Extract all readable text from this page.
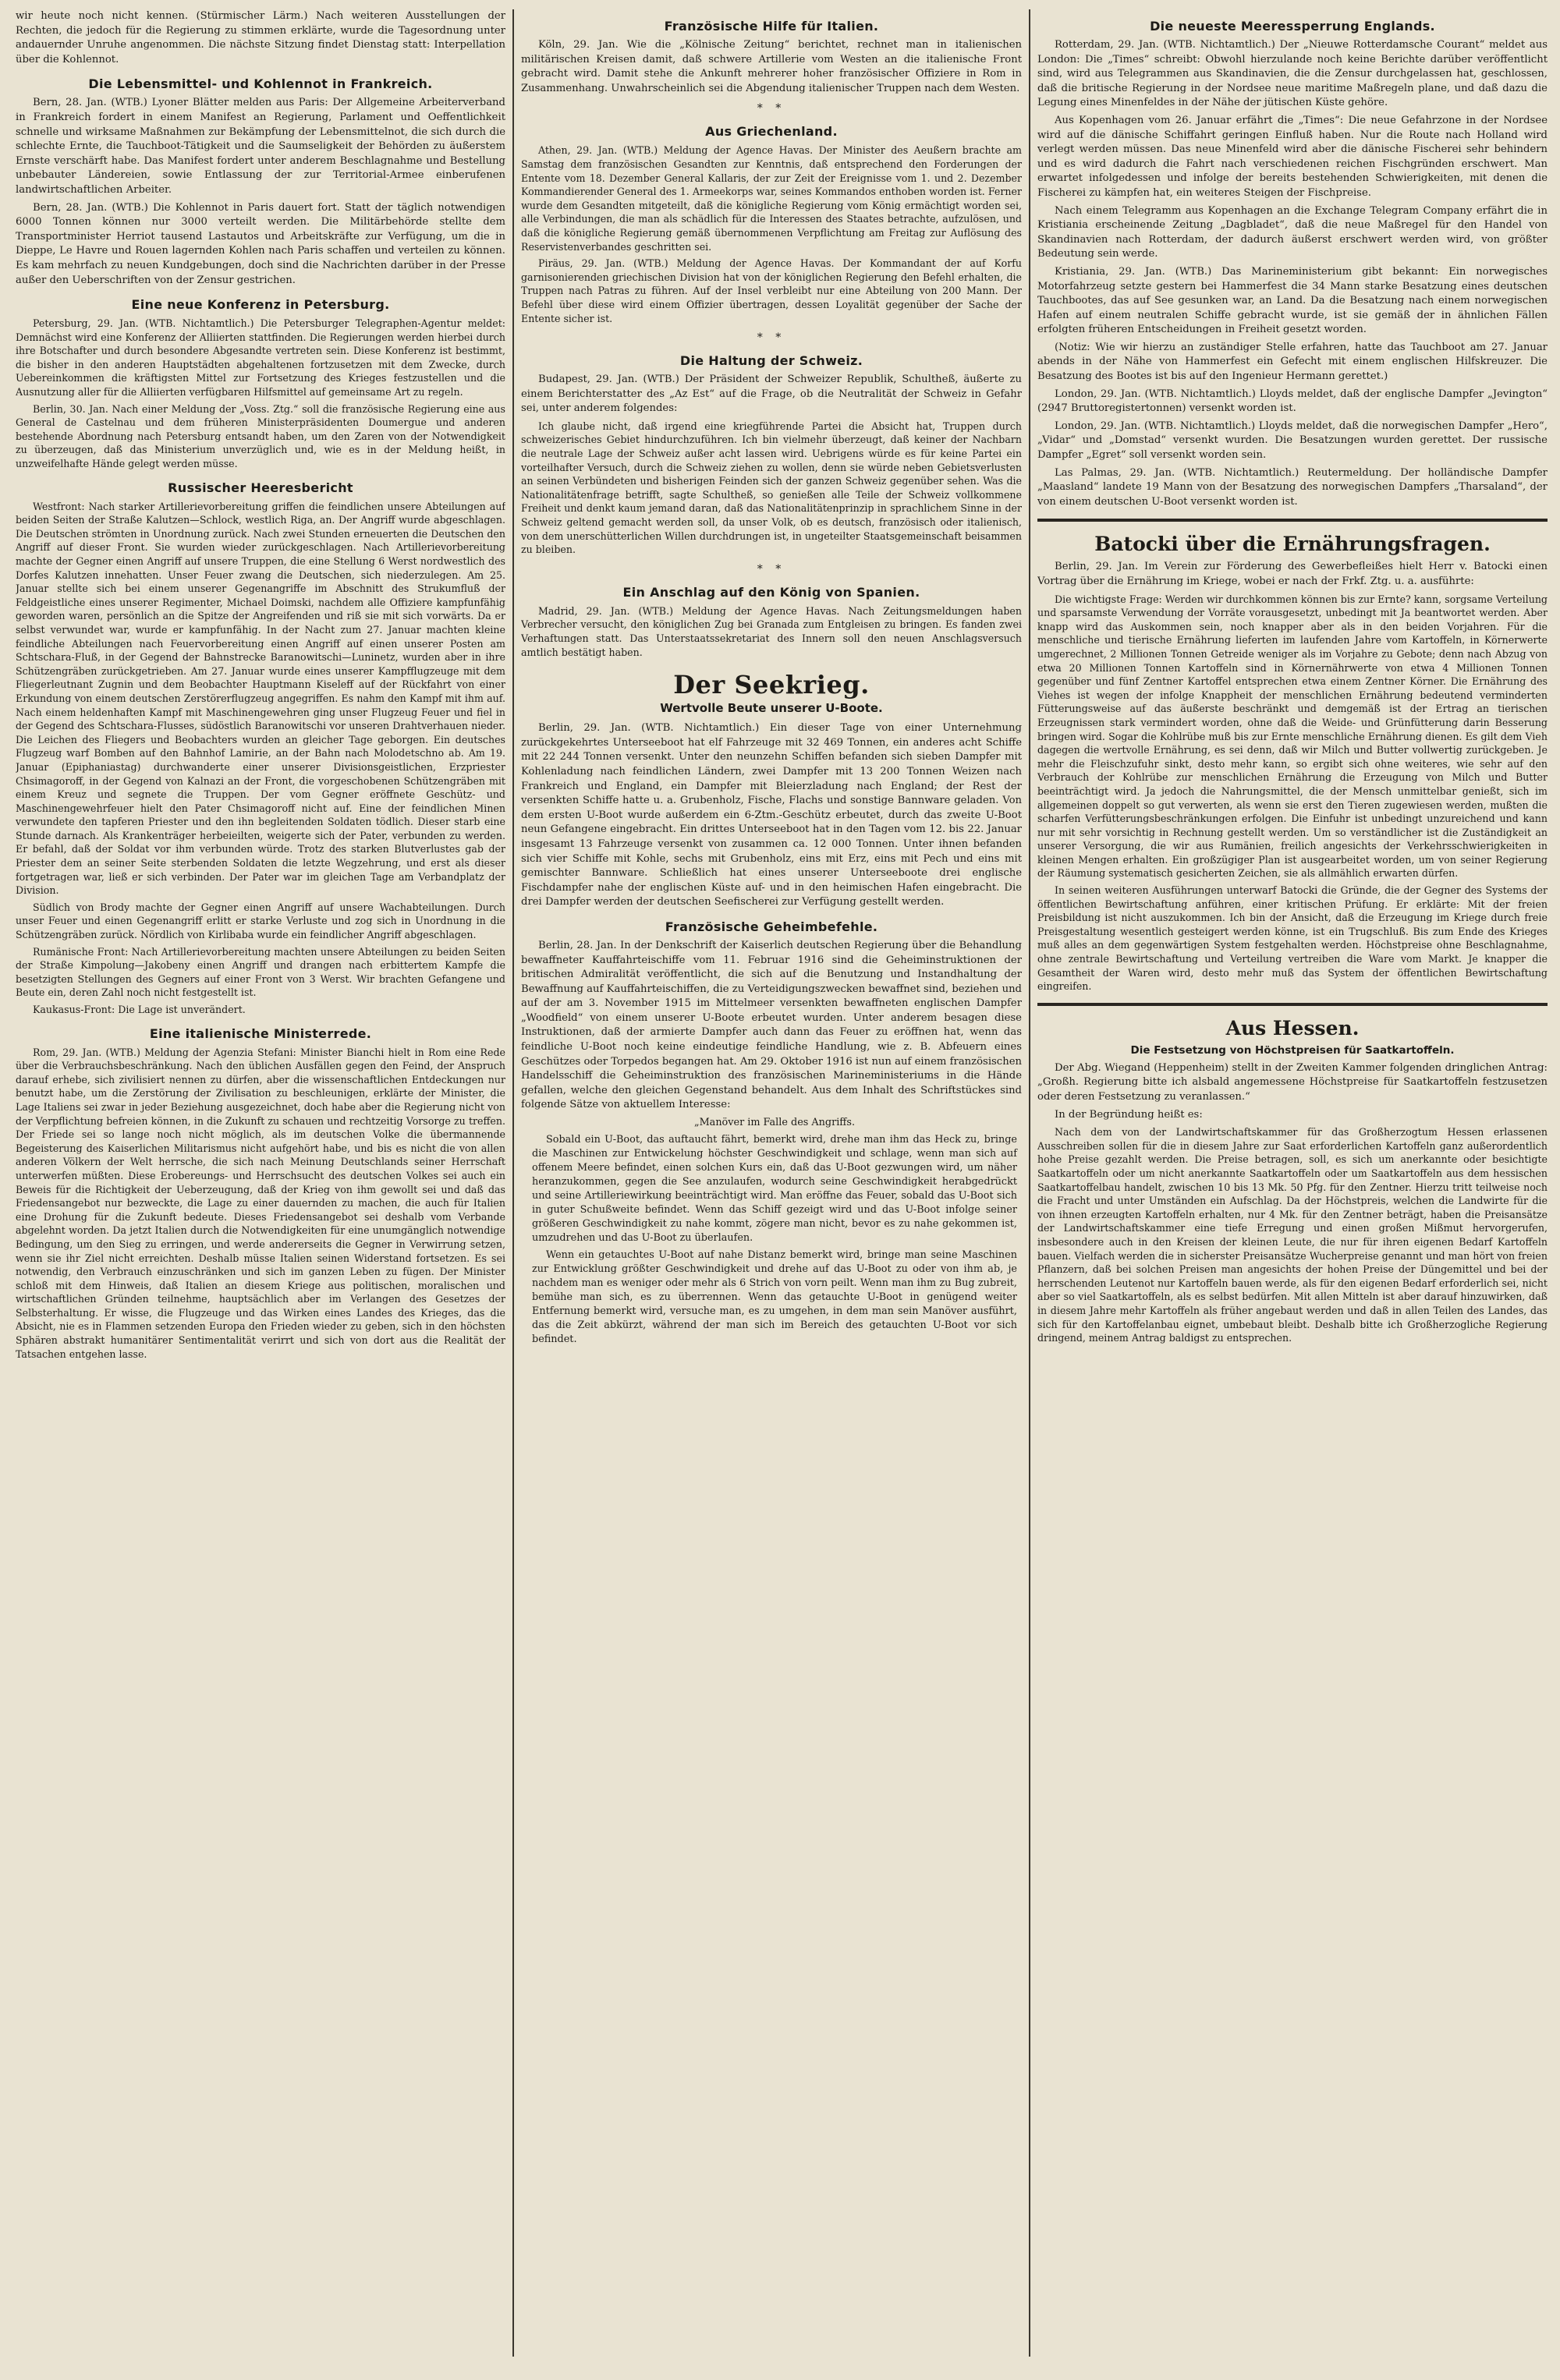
wir heute noch nicht kennen. (Stürmischer Lärm.) Nach weiteren Ausstellungen der Rechten, die jedoch für die Regierung zu stimmen erklärte, wurde die Tagesordnung unter andauernder Unruhe angenommen. Die nächste Sitzung findet Dienstag statt: Interpellation über die Kohlennot.

Die Lebensmittel- und Kohlennot in Frankreich.

Bern, 28. Jan. (WTB.) Lyoner Blätter melden aus Paris: Der Allgemeine Arbeiterverband in Frankreich fordert in einem Manifest an Regierung, Parlament und Oeffentlichkeit schnelle und wirksame Maßnahmen zur Bekämpfung der Lebensmittelnot, die sich durch die schlechte Ernte, die Tauchboot-Tätigkeit und die Saumseligkeit der Behörden zu äußerstem Ernste verschärft habe. Das Manifest fordert unter anderem Beschlagnahme und Bestellung unbebauter Ländereien, sowie Entlassung der zur Territorial-Armee einberufenen landwirtschaftlichen Arbeiter.

Bern, 28. Jan. (WTB.) Die Kohlennot in Paris dauert fort. Statt der täglich notwendigen 6000 Tonnen können nur 3000 verteilt werden. Die Militärbehörde stellte dem Transportminister Herriot tausend Lastautos und Arbeitskräfte zur Verfügung, um die in Dieppe, Le Havre und Rouen lagernden Kohlen nach Paris schaffen und verteilen zu können. Es kam mehrfach zu neuen Kundgebungen, doch sind die Nachrichten darüber in der Presse außer den Ueberschriften von der Zensur gestrichen.

Eine neue Konferenz in Petersburg.

Petersburg, 29. Jan. (WTB. Nichtamtlich.) Die Petersburger Telegraphen-Agentur meldet: Demnächst wird eine Konferenz der Alliierten stattfinden. Die Regierungen werden hierbei durch ihre Botschafter und durch besondere Abgesandte vertreten sein. Diese Konferenz ist bestimmt, die bisher in den anderen Hauptstädten abgehaltenen fortzusetzen mit dem Zwecke, durch Uebereinkommen die kräftigsten Mittel zur Fortsetzung des Krieges festzustellen und die Ausnutzung aller für die Alliierten verfügbaren Hilfsmittel auf gemeinsame Art zu regeln.

Berlin, 30. Jan. Nach einer Meldung der „Voss. Ztg.“ soll die französische Regierung eine aus General de Castelnau und dem früheren Ministerpräsidenten Doumergue und anderen bestehende Abordnung nach Petersburg entsandt haben, um den Zaren von der Notwendigkeit zu überzeugen, daß das Ministerium unverzüglich und, wie es in der Meldung heißt, in unzweifelhafte Hände gelegt werden müsse.

Russischer Heeresbericht

Westfront: Nach starker Artillerievorbereitung griffen die feindlichen unsere Abteilungen auf beiden Seiten der Straße Kalutzen—Schlock, westlich Riga, an. Der Angriff wurde abgeschlagen. Die Deutschen strömten in Unordnung zurück. Nach zwei Stunden erneuerten die Deutschen den Angriff auf dieser Front. Sie wurden wieder zurückgeschlagen. Nach Artillerievorbereitung machte der Gegner einen Angriff auf unsere Truppen, die eine Stellung 6 Werst nordwestlich des Dorfes Kalutzen innehatten. Unser Feuer zwang die Deutschen, sich niederzulegen. Am 25. Januar stellte sich bei einem unserer Gegenangriffe im Abschnitt des Strukumfluß der Feldgeistliche eines unserer Regimenter, Michael Doimski, nachdem alle Offiziere kampfunfähig geworden waren, persönlich an die Spitze der Angreifenden und riß sie mit sich vorwärts. Da er selbst verwundet war, wurde er kampfunfähig. In der Nacht zum 27. Januar machten kleine feindliche Abteilungen nach Feuervorbereitung einen Angriff auf einen unserer Posten am Schtschara-Fluß, in der Gegend der Bahnstrecke Baranowitschi—Luninetz, wurden aber in ihre Schützengräben zurückgetrieben. Am 27. Januar wurde eines unserer Kampfflugzeuge mit dem Fliegerleutnant Zugnin und dem Beobachter Hauptmann Kiseleff auf der Rückfahrt von einer Erkundung von einem deutschen Zerstörerflugzeug angegriffen. Es nahm den Kampf mit ihm auf. Nach einem heldenhaften Kampf mit Maschinengewehren ging unser Flugzeug Feuer und fiel in der Gegend des Schtschara-Flusses, südöstlich Baranowitschi vor unseren Drahtverhauen nieder. Die Leichen des Fliegers und Beobachters wurden an gleicher Tage geborgen. Ein deutsches Flugzeug warf Bomben auf den Bahnhof Lamirie, an der Bahn nach Molodetschno ab. Am 19. Januar (Epiphaniastag) durchwanderte einer unserer Divisionsgeistlichen, Erzpriester Chsimagoroff, in der Gegend von Kalnazi an der Front, die vorgeschobenen Schützengräben mit einem Kreuz und segnete die Truppen. Der vom Gegner eröffnete Geschütz- und Maschinengewehrfeuer hielt den Pater Chsimagoroff nicht auf. Eine der feindlichen Minen verwundete den tapferen Priester und den ihn begleitenden Soldaten tödlich. Dieser starb eine Stunde darnach. Als Krankenträger herbeieilten, weigerte sich der Pater, verbunden zu werden. Er befahl, daß der Soldat vor ihm verbunden würde. Trotz des starken Blutverlustes gab der Priester dem an seiner Seite sterbenden Soldaten die letzte Wegzehrung, und erst als dieser fortgetragen war, ließ er sich verbinden. Der Pater war im gleichen Tage am Verbandplatz der Division.

Südlich von Brody machte der Gegner einen Angriff auf unsere Wachabteilungen. Durch unser Feuer und einen Gegenangriff erlitt er starke Verluste und zog sich in Unordnung in die Schützengräben zurück. Nördlich von Kirlibaba wurde ein feindlicher Angriff abgeschlagen.

Rumänische Front: Nach Artillerievorbereitung machten unsere Abteilungen zu beiden Seiten der Straße Kimpolung—Jakobeny einen Angriff und drangen nach erbittertem Kampfe die besetzigten Stellungen des Gegners auf einer Front von 3 Werst. Wir brachten Gefangene und Beute ein, deren Zahl noch nicht festgestellt ist.

Kaukasus-Front: Die Lage ist unverändert.

Eine italienische Ministerrede.

Rom, 29. Jan. (WTB.) Meldung der Agenzia Stefani: Minister Bianchi hielt in Rom eine Rede über die Verbrauchsbeschränkung. Nach den üblichen Ausfällen gegen den Feind, der Anspruch darauf erhebe, sich zivilisiert nennen zu dürfen, aber die wissenschaftlichen Entdeckungen nur benutzt habe, um die Zerstörung der Zivilisation zu beschleunigen, erklärte der Minister, die Lage Italiens sei zwar in jeder Beziehung ausgezeichnet, doch habe aber die Regierung nicht von der Verpflichtung befreien können, in die Zukunft zu schauen und rechtzeitig Vorsorge zu treffen. Der Friede sei so lange noch nicht möglich, als im deutschen Volke die übermannende Begeisterung des Kaiserlichen Militarismus nicht aufgehört habe, und bis es nicht die von allen anderen Völkern der Welt herrsche, die sich nach Meinung Deutschlands seiner Herrschaft unterwerfen müßten. Diese Erobereungs- und Herrschsucht des deutschen Volkes sei auch ein Beweis für die Richtigkeit der Ueberzeugung, daß der Krieg von ihm gewollt sei und daß das Friedensangebot nur bezweckte, die Lage zu einer dauernden zu machen, die auch für Italien eine Drohung für die Zukunft bedeute. Dieses Friedensangebot sei deshalb vom Verbande abgelehnt worden. Da jetzt Italien durch die Notwendigkeiten für eine unumgänglich notwendige Bedingung, um den Sieg zu erringen, und werde andererseits die Gegner in Verwirrung setzen, wenn sie ihr Ziel nicht erreichten. Deshalb müsse Italien seinen Widerstand fortsetzen. Es sei notwendig, den Verbrauch einzuschränken und sich im ganzen Leben zu fügen. Der Minister schloß mit dem Hinweis, daß Italien an diesem Kriege aus politischen, moralischen und wirtschaftlichen Gründen teilnehme, hauptsächlich aber im Verlangen des Gesetzes der Selbsterhaltung. Er wisse, die Flugzeuge und das Wirken eines Landes des Krieges, das die Absicht, nie es in Flammen setzenden Europa den Frieden wieder zu geben, sich in den höchsten Sphären abstrakt humanitärer Sentimentalität verirrt und sich von dort aus die Realität der Tatsachen entgehen lasse.

Französische Hilfe für Italien.

Köln, 29. Jan. Wie die „Kölnische Zeitung“ berichtet, rechnet man in italienischen militärischen Kreisen damit, daß schwere Artillerie vom Westen an die italienische Front gebracht wird. Damit stehe die Ankunft mehrerer hoher französischer Offiziere in Rom in Zusammenhang. Unwahrscheinlich sei die Abgendung italienischer Truppen nach dem Westen.

* *
Aus Griechenland.

Athen, 29. Jan. (WTB.) Meldung der Agence Havas. Der Minister des Aeußern brachte am Samstag dem französischen Gesandten zur Kenntnis, daß entsprechend den Forderungen der Entente vom 18. Dezember General Kallaris, der zur Zeit der Ereignisse vom 1. und 2. Dezember Kommandierender General des 1. Armeekorps war, seines Kommandos enthoben worden ist. Ferner wurde dem Gesandten mitgeteilt, daß die königliche Regierung vom König ermächtigt worden sei, alle Verbindungen, die man als schädlich für die Interessen des Staates betrachte, aufzulösen, und daß die königliche Regierung gemäß übernommenen Verpflichtung am Freitag zur Auflösung des Reservistenverbandes geschritten sei.

Piräus, 29. Jan. (WTB.) Meldung der Agence Havas. Der Kommandant der auf Korfu garnisonierenden griechischen Division hat von der königlichen Regierung den Befehl erhalten, die Truppen nach Patras zu führen. Auf der Insel verbleibt nur eine Abteilung von 200 Mann. Der Befehl über diese wird einem Offizier übertragen, dessen Loyalität gegenüber der Sache der Entente sicher ist.

* *
Die Haltung der Schweiz.

Budapest, 29. Jan. (WTB.) Der Präsident der Schweizer Republik, Schultheß, äußerte zu einem Berichterstatter des „Az Est“ auf die Frage, ob die Neutralität der Schweiz in Gefahr sei, unter anderem folgendes:

Ich glaube nicht, daß irgend eine kriegführende Partei die Absicht hat, Truppen durch schweizerisches Gebiet hindurchzuführen. Ich bin vielmehr überzeugt, daß keiner der Nachbarn die neutrale Lage der Schweiz außer acht lassen wird. Uebrigens würde es für keine Partei ein vorteilhafter Versuch, durch die Schweiz ziehen zu wollen, denn sie würde neben Gebietsverlusten an seinen Verbündeten und bisherigen Feinden sich der ganzen Schweiz gegenüber sehen. Was die Nationalitätenfrage betrifft, sagte Schultheß, so genießen alle Teile der Schweiz vollkommene Freiheit und denkt kaum jemand daran, daß das Nationalitätenprinzip in sprachlichem Sinne in der Schweiz geltend gemacht werden soll, da unser Volk, ob es deutsch, französisch oder italienisch, von dem unerschütterlichen Willen durchdrungen ist, in ungeteilter Staatsgemeinschaft beisammen zu bleiben.

* *
Ein Anschlag auf den König von Spanien.

Madrid, 29. Jan. (WTB.) Meldung der Agence Havas. Nach Zeitungsmeldungen haben Verbrecher versucht, den königlichen Zug bei Granada zum Entgleisen zu bringen. Es fanden zwei Verhaftungen statt. Das Unterstaatssekretariat des Innern soll den neuen Anschlagsversuch amtlich bestätigt haben.

Der Seekrieg.
Wertvolle Beute unserer U-Boote.

Berlin, 29. Jan. (WTB. Nichtamtlich.) Ein dieser Tage von einer Unternehmung zurückgekehrtes Unterseeboot hat elf Fahrzeuge mit 32 469 Tonnen, ein anderes acht Schiffe mit 22 244 Tonnen versenkt. Unter den neunzehn Schiffen befanden sich sieben Dampfer mit Kohlenladung nach feindlichen Ländern, zwei Dampfer mit 13 200 Tonnen Weizen nach Frankreich und England, ein Dampfer mit Bleierzladung nach England; der Rest der versenkten Schiffe hatte u. a. Grubenholz, Fische, Flachs und sonstige Bannware geladen. Von dem ersten U-Boot wurde außerdem ein 6-Ztm.-Geschütz erbeutet, durch das zweite U-Boot neun Gefangene eingebracht. Ein drittes Unterseeboot hat in den Tagen vom 12. bis 22. Januar insgesamt 13 Fahrzeuge versenkt von zusammen ca. 12 000 Tonnen. Unter ihnen befanden sich vier Schiffe mit Kohle, sechs mit Grubenholz, eins mit Erz, eins mit Pech und eins mit gemischter Bannware. Schließlich hat eines unserer Unterseeboote drei englische Fischdampfer nahe der englischen Küste auf- und in den heimischen Hafen eingebracht. Die drei Dampfer werden der deutschen Seefischerei zur Verfügung gestellt werden.

Französische Geheimbefehle.

Berlin, 28. Jan. In der Denkschrift der Kaiserlich deutschen Regierung über die Behandlung bewaffneter Kauffahrteischiffe vom 11. Februar 1916 sind die Geheiminstruktionen der britischen Admiralität veröffentlicht, die sich auf die Benutzung und Instandhaltung der Bewaffnung auf Kauffahrteischiffen, die zu Verteidigungszwecken bewaffnet sind, beziehen und auf der am 3. November 1915 im Mittelmeer versenkten bewaffneten englischen Dampfer „Woodfield“ von einem unserer U-Boote erbeutet wurden. Unter anderem besagen diese Instruktionen, daß der armierte Dampfer auch dann das Feuer zu eröffnen hat, wenn das feindliche U-Boot noch keine eindeutige feindliche Handlung, wie z. B. Abfeuern eines Geschützes oder Torpedos begangen hat. Am 29. Oktober 1916 ist nun auf einem französischen Handelsschiff die Geheiminstruktion des französischen Marineministeriums in die Hände gefallen, welche den gleichen Gegenstand behandelt. Aus dem Inhalt des Schriftstückes sind folgende Sätze von aktuellem Interesse:

„Manöver im Falle des Angriffs.

Sobald ein U-Boot, das auftaucht fährt, bemerkt wird, drehe man ihm das Heck zu, bringe die Maschinen zur Entwickelung höchster Geschwindigkeit und schlage, wenn man sich auf offenem Meere befindet, einen solchen Kurs ein, daß das U-Boot gezwungen wird, um näher heranzukommen, gegen die See anzulaufen, wodurch seine Geschwindigkeit herabgedrückt und seine Artilleriewirkung beeinträchtigt wird. Man eröffne das Feuer, sobald das U-Boot sich in guter Schußweite befindet. Wenn das Schiff gezeigt wird und das U-Boot infolge seiner größeren Geschwindigkeit zu nahe kommt, zögere man nicht, bevor es zu nahe gekommen ist, umzudrehen und das U-Boot zu überlaufen.

Wenn ein getauchtes U-Boot auf nahe Distanz bemerkt wird, bringe man seine Maschinen zur Entwicklung größter Geschwindigkeit und drehe auf das U-Boot zu oder von ihm ab, je nachdem man es weniger oder mehr als 6 Strich von vorn peilt. Wenn man ihm zu Bug zubreit, bemühe man sich, es zu überrennen. Wenn das getauchte U-Boot in genügend weiter Entfernung bemerkt wird, versuche man, es zu umgehen, in dem man sein Manöver ausführt, das die Zeit abkürzt, während der man sich im Bereich des getauchten U-Boot vor sich befindet.

Die neueste Meeressperrung Englands.

Rotterdam, 29. Jan. (WTB. Nichtamtlich.) Der „Nieuwe Rotterdamsche Courant“ meldet aus London: Die „Times“ schreibt: Obwohl hierzulande noch keine Berichte darüber veröffentlicht sind, wird aus Telegrammen aus Skandinavien, die die Zensur durchgelassen hat, geschlossen, daß die britische Regierung in der Nordsee neue maritime Maßregeln plane, und daß dazu die Legung eines Minenfeldes in der Nähe der jütischen Küste gehöre.

Aus Kopenhagen vom 26. Januar erfährt die „Times“: Die neue Gefahrzone in der Nordsee wird auf die dänische Schiffahrt geringen Einfluß haben. Nur die Route nach Holland wird verlegt werden müssen. Das neue Minenfeld wird aber die dänische Fischerei sehr behindern und es wird dadurch die Fahrt nach verschiedenen reichen Fischgründen erschwert. Man erwartet infolgedessen und infolge der bereits bestehenden Schwierigkeiten, mit denen die Fischerei zu kämpfen hat, ein weiteres Steigen der Fischpreise.

Nach einem Telegramm aus Kopenhagen an die Exchange Telegram Company erfährt die in Kristiania erscheinende Zeitung „Dagbladet“, daß die neue Maßregel für den Handel von Skandinavien nach Rotterdam, der dadurch äußerst erschwert werden wird, von größter Bedeutung sein werde.

Kristiania, 29. Jan. (WTB.) Das Marineministerium gibt bekannt: Ein norwegisches Motorfahrzeug setzte gestern bei Hammerfest die 34 Mann starke Besatzung eines deutschen Tauchbootes, das auf See gesunken war, an Land. Da die Besatzung nach einem norwegischen Hafen auf einem neutralen Schiffe gebracht wurde, ist sie gemäß der in ähnlichen Fällen erfolgten früheren Entscheidungen in Freiheit gesetzt worden.

(Notiz: Wie wir hierzu an zuständiger Stelle erfahren, hatte das Tauchboot am 27. Januar abends in der Nähe von Hammerfest ein Gefecht mit einem englischen Hilfskreuzer. Die Besatzung des Bootes ist bis auf den Ingenieur Hermann gerettet.)

London, 29. Jan. (WTB. Nichtamtlich.) Lloyds meldet, daß der englische Dampfer „Jevington“ (2947 Bruttoregistertonnen) versenkt worden ist.

London, 29. Jan. (WTB. Nichtamtlich.) Lloyds meldet, daß die norwegischen Dampfer „Hero“, „Vidar“ und „Domstad“ versenkt wurden. Die Besatzungen wurden gerettet. Der russische Dampfer „Egret“ soll versenkt worden sein.

Las Palmas, 29. Jan. (WTB. Nichtamtlich.) Reutermeldung. Der holländische Dampfer „Maasland“ landete 19 Mann von der Besatzung des norwegischen Dampfers „Tharsaland“, der von einem deutschen U-Boot versenkt worden ist.

Batocki über die Ernährungsfragen.

Berlin, 29. Jan. Im Verein zur Förderung des Gewerbefleißes hielt Herr v. Batocki einen Vortrag über die Ernährung im Kriege, wobei er nach der Frkf. Ztg. u. a. ausführte:

Die wichtigste Frage: Werden wir durchkommen können bis zur Ernte? kann, sorgsame Verteilung und sparsamste Verwendung der Vorräte vorausgesetzt, unbedingt mit Ja beantwortet werden. Aber knapp wird das Auskommen sein, noch knapper aber als in den beiden Vorjahren. Für die menschliche und tierische Ernährung lieferten im laufenden Jahre vom Kartoffeln, in Körnerwerte umgerechnet, 2 Millionen Tonnen Getreide weniger als im Vorjahre zu Gebote; denn nach Abzug von etwa 20 Millionen Tonnen Kartoffeln sind in Körnernährwerte von etwa 4 Millionen Tonnen gegenüber und fünf Zentner Kartoffel entsprechen etwa einem Zentner Körner. Die Ernährung des Viehes ist wegen der infolge Knappheit der menschlichen Ernährung bedeutend verminderten Fütterungsweise auf das äußerste beschränkt und demgemäß ist der Ertrag an tierischen Erzeugnissen stark vermindert worden, ohne daß die Weide- und Grünfütterung darin Besserung bringen wird. Sogar die Kohlrübe muß bis zur Ernte menschliche Ernährung dienen. Es gilt dem Vieh dagegen die wertvolle Ernährung, es sei denn, daß wir Milch und Butter vollwertig zurückgeben. Je mehr die Fleischzufuhr sinkt, desto mehr kann, so ergibt sich ohne weiteres, wie sehr auf den Verbrauch der Kohlrübe zur menschlichen Ernährung die Erzeugung von Milch und Butter beeinträchtigt wird. Ja jedoch die Nahrungsmittel, die der Mensch unmittelbar genießt, sich im allgemeinen doppelt so gut verwerten, als wenn sie erst den Tieren zugewiesen werden, mußten die scharfen Verfütterungsbeschränkungen erfolgen. Die Einfuhr ist unbedingt unzureichend und kann nur mit sehr vorsichtig in Rechnung gestellt werden. Um so verständlicher ist die Zuständigkeit an unserer Versorgung, die wir aus Rumänien, freilich angesichts der Verkehrsschwierigkeiten in kleinen Mengen erhalten. Ein großzügiger Plan ist ausgearbeitet worden, um von seiner Regierung der Räumung systematisch gesicherten Zeichen, sie als allmählich erwarten dürfen.

In seinen weiteren Ausführungen unterwarf Batocki die Gründe, die der Gegner des Systems der öffentlichen Bewirtschaftung anführen, einer kritischen Prüfung. Er erklärte: Mit der freien Preisbildung ist nicht auszukommen. Ich bin der Ansicht, daß die Erzeugung im Kriege durch freie Preisgestaltung wesentlich gesteigert werden könne, ist ein Trugschluß. Bis zum Ende des Krieges muß alles an dem gegenwärtigen System festgehalten werden. Höchstpreise ohne Beschlagnahme, ohne zentrale Bewirtschaftung und Verteilung vertreiben die Ware vom Markt. Je knapper die Gesamtheit der Waren wird, desto mehr muß das System der öffentlichen Bewirtschaftung eingreifen.

Aus Hessen.
Die Festsetzung von Höchstpreisen für Saatkartoffeln.

Der Abg. Wiegand (Heppenheim) stellt in der Zweiten Kammer folgenden dringlichen Antrag: „Großh. Regierung bitte ich alsbald angemessene Höchstpreise für Saatkartoffeln festzusetzen oder deren Festsetzung zu veranlassen.“

In der Begründung heißt es:

Nach dem von der Landwirtschaftskammer für das Großherzogtum Hessen erlassenen Ausschreiben sollen für die in diesem Jahre zur Saat erforderlichen Kartoffeln ganz außerordentlich hohe Preise gezahlt werden. Die Preise betragen, soll, es sich um anerkannte oder besichtigte Saatkartoffeln oder um nicht anerkannte Saatkartoffeln oder um Saatkartoffeln aus dem hessischen Saatkartoffelbau handelt, zwischen 10 bis 13 Mk. 50 Pfg. für den Zentner. Hierzu tritt teilweise noch die Fracht und unter Umständen ein Aufschlag. Da der Höchstpreis, welchen die Landwirte für die von ihnen erzeugten Kartoffeln erhalten, nur 4 Mk. für den Zentner beträgt, haben die Preisansätze der Landwirtschaftskammer eine tiefe Erregung und einen großen Mißmut hervorgerufen, insbesondere auch in den Kreisen der kleinen Leute, die nur für ihren eigenen Bedarf Kartoffeln bauen. Vielfach werden die in sicherster Preisansätze Wucherpreise genannt und man hört von freien Pflanzern, daß bei solchen Preisen man angesichts der hohen Preise der Düngemittel und bei der herrschenden Leutenot nur Kartoffeln bauen werde, als für den eigenen Bedarf erforderlich sei, nicht aber so viel Saatkartoffeln, als es selbst bedürfen. Mit allen Mitteln ist aber darauf hinzuwirken, daß in diesem Jahre mehr Kartoffeln als früher angebaut werden und daß in allen Teilen des Landes, das sich für den Kartoffelanbau eignet, umbebaut bleibt. Deshalb bitte ich Großherzogliche Regierung dringend, meinem Antrag baldigst zu entsprechen.
